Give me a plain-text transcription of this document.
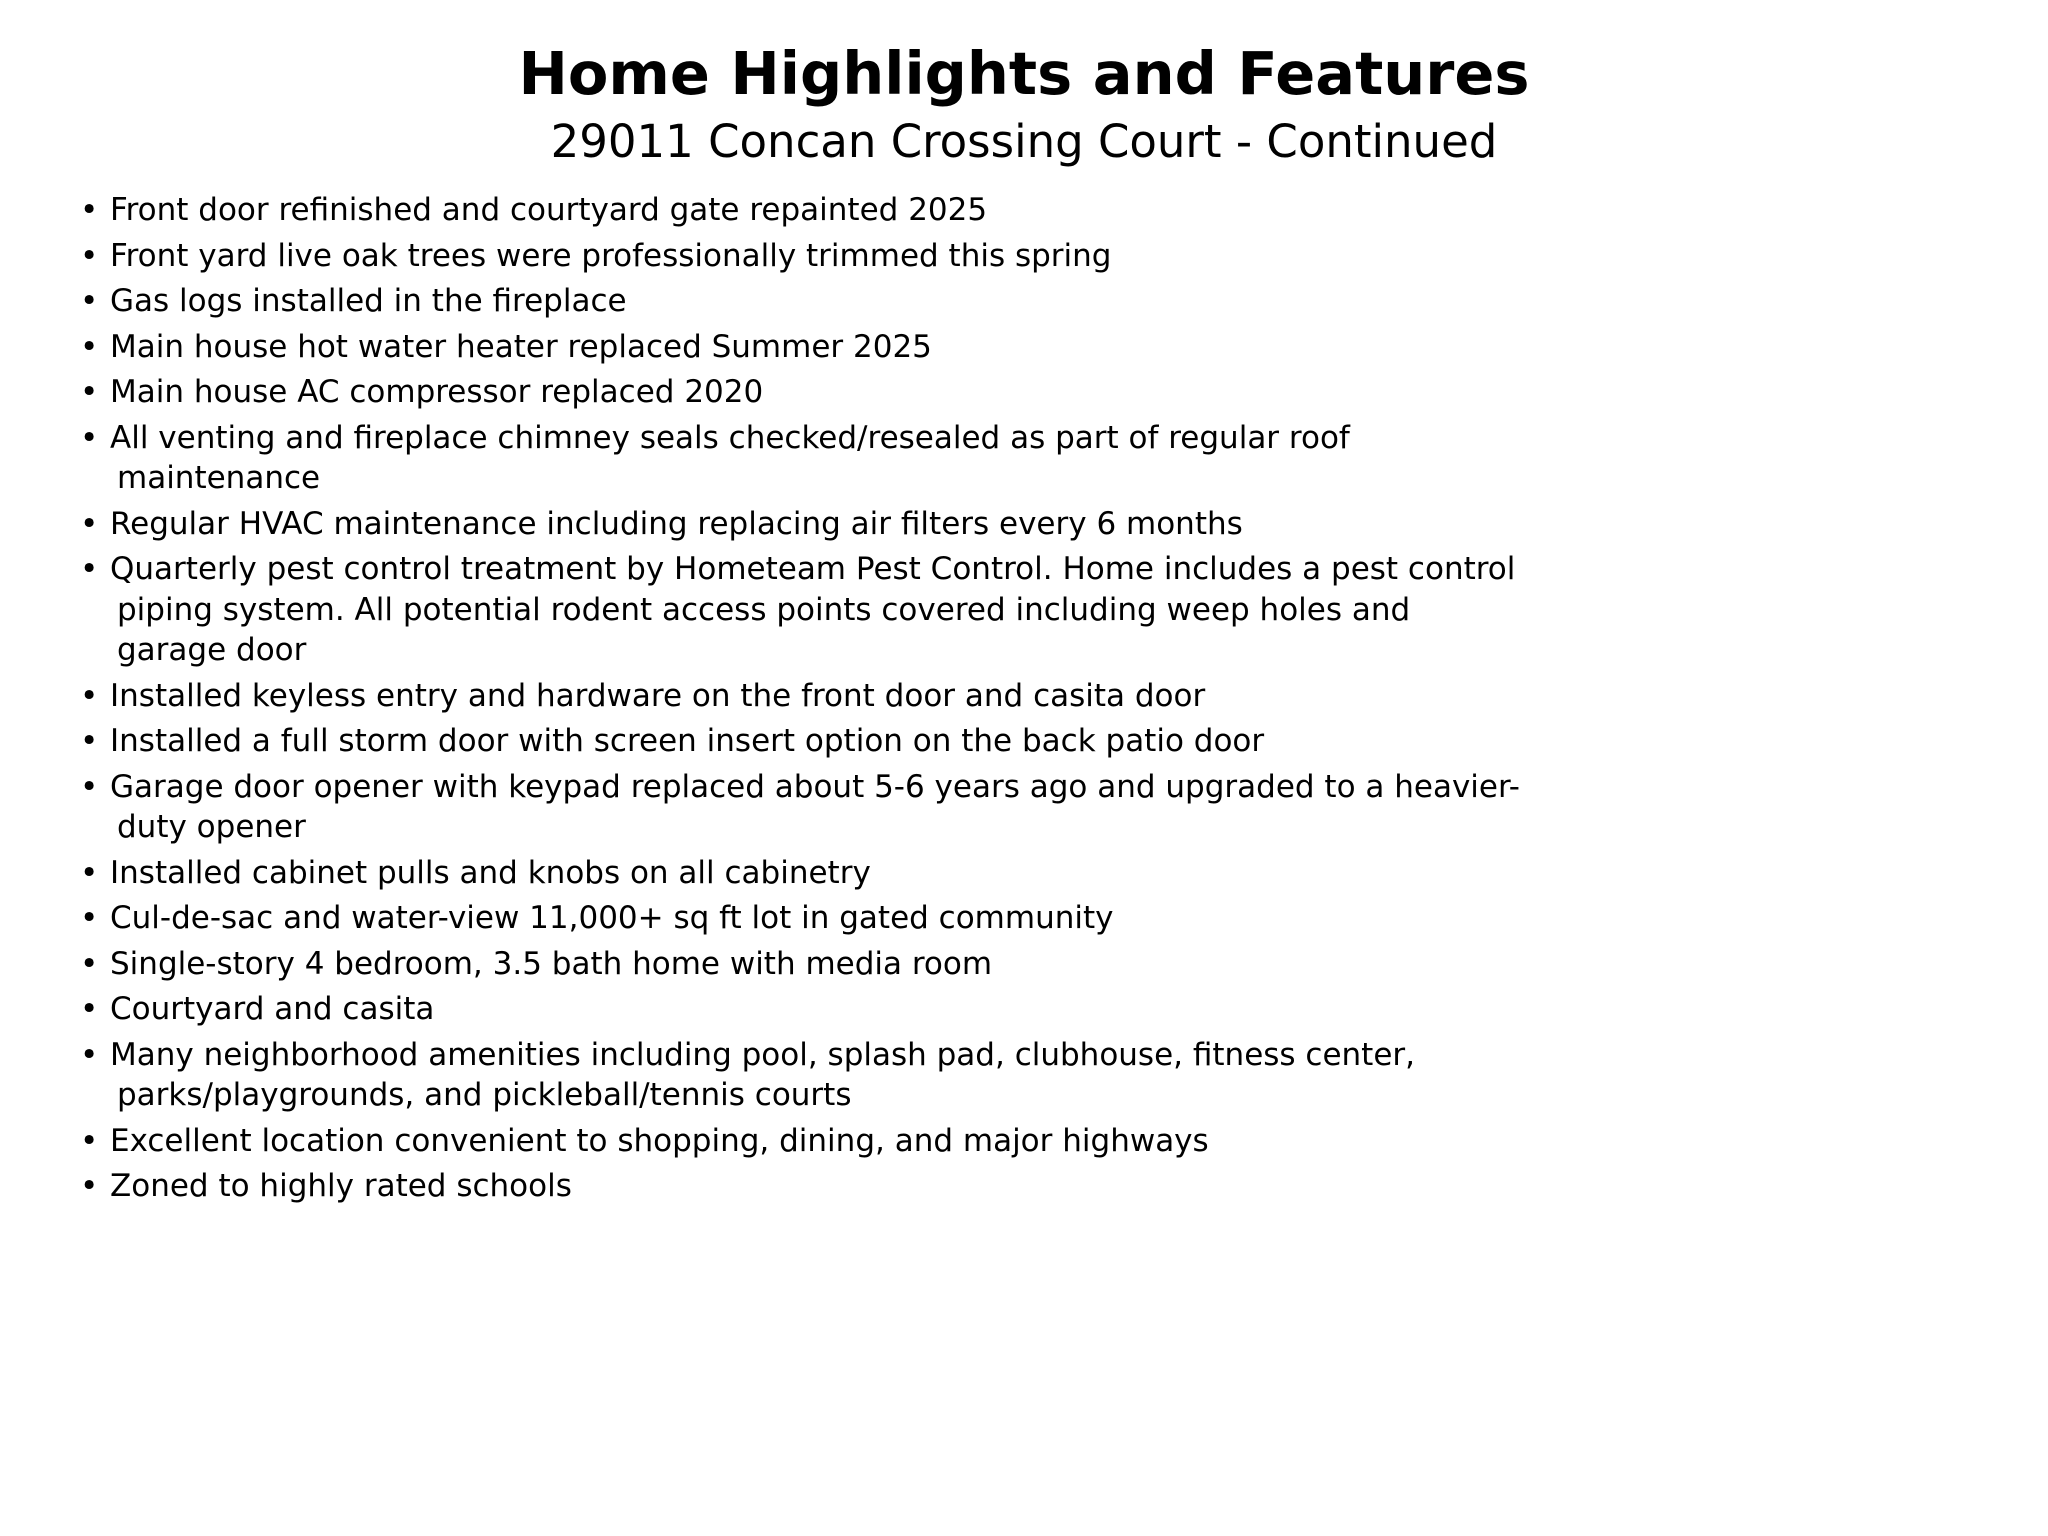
Home Highlights and Features
29011 Concan Crossing Court - Continued
• Front door refinished and courtyard gate repainted 2025
• Front yard live oak trees were professionally trimmed this spring
• Gas logs installed in the fireplace
• Main house hot water heater replaced Summer 2025
• Main house AC compressor replaced 2020
• All venting and fireplace chimney seals checked/resealed as part of regular roof
maintenance
• Regular HVAC maintenance including replacing air filters every 6 months
• Quarterly pest control treatment by Hometeam Pest Control. Home includes a pest control
piping system. All potential rodent access points covered including weep holes and
garage door
• Installed keyless entry and hardware on the front door and casita door
• Installed a full storm door with screen insert option on the back patio door
• Garage door opener with keypad replaced about 5-6 years ago and upgraded to a heavier-
duty opener
• Installed cabinet pulls and knobs on all cabinetry
• Cul-de-sac and water-view 11,000+ sq ft lot in gated community
• Single-story 4 bedroom, 3.5 bath home with media room
• Courtyard and casita
• Many neighborhood amenities including pool, splash pad, clubhouse, fitness center,
parks/playgrounds, and pickleball/tennis courts
• Excellent location convenient to shopping, dining, and major highways
• Zoned to highly rated schools
